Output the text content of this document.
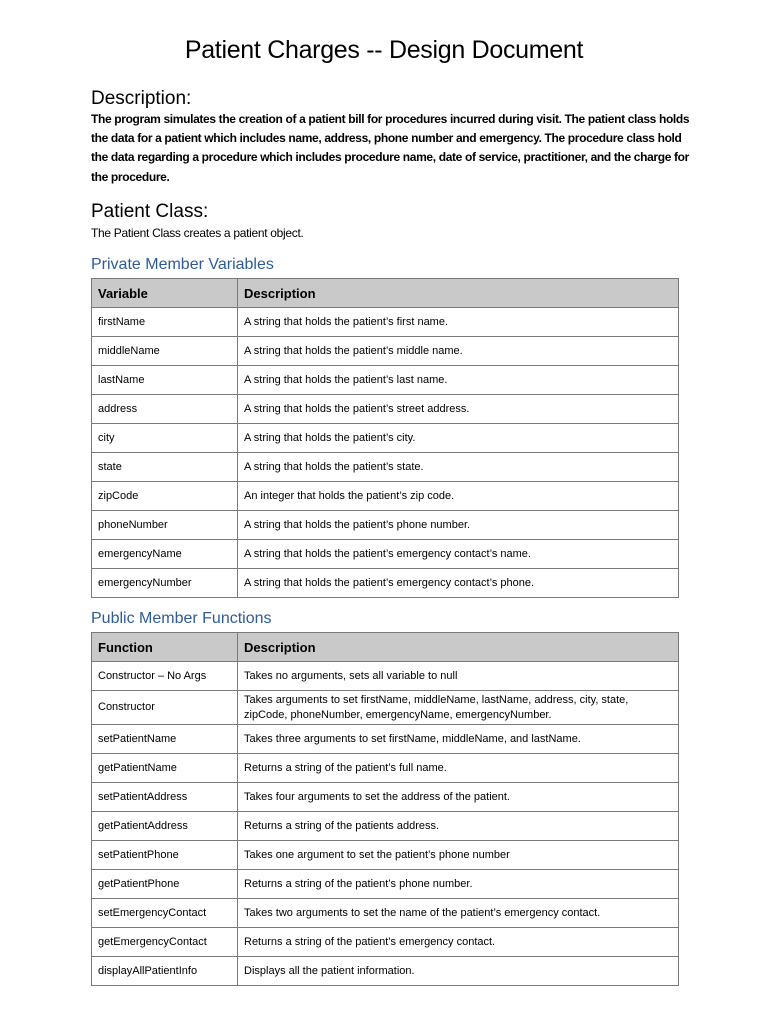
Patient Charges -- Design Document
Description:
The program simulates the creation of a patient bill for procedures incurred during visit. The patient class holds the data for a patient which includes name, address, phone number and emergency. The procedure class hold the data regarding a procedure which includes procedure name, date of service, practitioner, and the charge for the procedure.
Patient Class:
The Patient Class creates a patient object.
Private Member Variables
Variable	Description
firstName	A string that holds the patient’s first name.
middleName	A string that holds the patient’s middle name.
lastName	A string that holds the patient’s last name.
address	A string that holds the patient’s street address.
city	A string that holds the patient’s city.
state	A string that holds the patient’s state.
zipCode	An integer that holds the patient’s zip code.
phoneNumber	A string that holds the patient’s phone number.
emergencyName	A string that holds the patient’s emergency contact’s name.
emergencyNumber	A string that holds the patient’s emergency contact’s phone.
Public Member Functions
Function	Description
Constructor – No Args	Takes no arguments, sets all variable to null
Constructor	Takes arguments to set firstName, middleName, lastName, address, city, state, zipCode, phoneNumber, emergencyName, emergencyNumber.
setPatientName	Takes three arguments to set firstName, middleName, and lastName.
getPatientName	Returns a string of the patient’s full name.
setPatientAddress	Takes four arguments to set the address of the patient.
getPatientAddress	Returns a string of the patients address.
setPatientPhone	Takes one argument to set the patient’s phone number
getPatientPhone	Returns a string of the patient’s phone number.
setEmergencyContact	Takes two arguments to set the name of the patient’s emergency contact.
getEmergencyContact	Returns a string of the patient’s emergency contact.
displayAllPatientInfo	Displays all the patient information.
